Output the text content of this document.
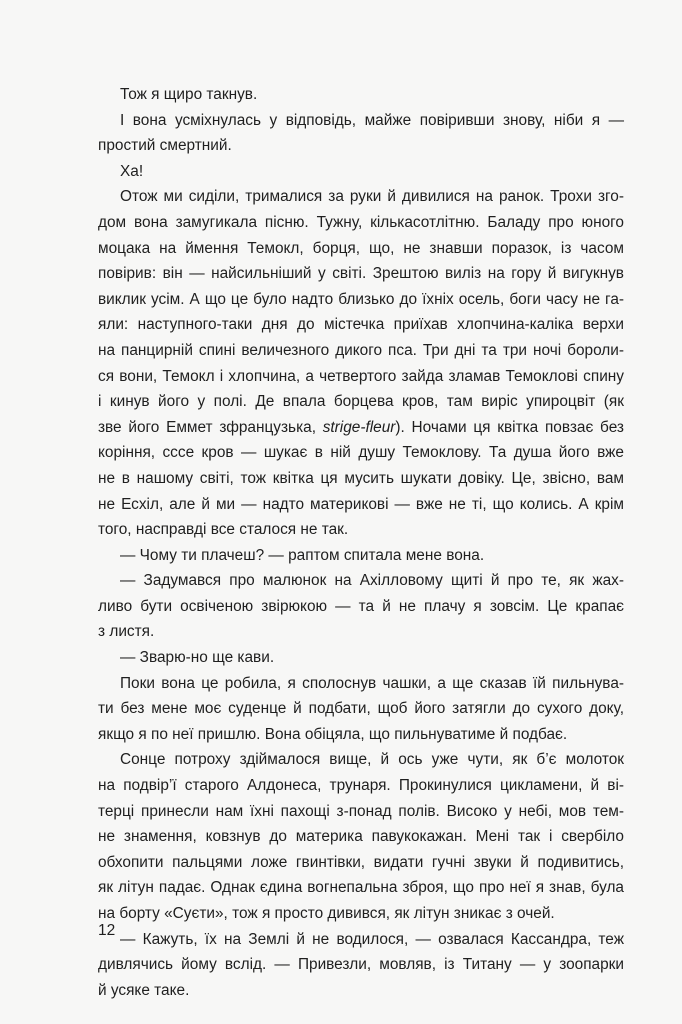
Тож я щиро такнув.
І вона усміхнулась у відповідь, майже повіривши знову, ніби я —
простий смертний.
Ха!
Отож ми сиділи, трималися за руки й дивилися на ранок. Трохи зго-
дом вона замугикала пісню. Тужну, кількасотлітню. Баладу про юного
моцака на ймення Темокл, борця, що, не знавши поразок, із часом
повірив: він — найсильніший у світі. Зрештою виліз на гору й вигукнув
виклик усім. А що це було надто близько до їхніх осель, боги часу не га-
яли: наступного-таки дня до містечка приїхав хлопчина-каліка верхи
на панцирній спині величезного дикого пса. Три дні та три ночі бороли-
ся вони, Темокл і хлопчина, а четвертого зайда зламав Темоклові спину
і кинув його у полі. Де впала борцева кров, там виріс упироцвіт (як
зве його Еммет зфранцузька, strige-fleur). Ночами ця квітка повзає без
коріння, сссе кров — шукає в ній душу Темоклову. Та душа його вже
не в нашому світі, тож квітка ця мусить шукати довіку. Це, звісно, вам
не Есхіл, але й ми — надто материкові — вже не ті, що колись. А крім
того, насправді все сталося не так.
— Чому ти плачеш? — раптом спитала мене вона.
— Задумався про малюнок на Ахілловому щиті й про те, як жах-
ливо бути освіченою звірюкою — та й не плачу я зовсім. Це крапає
з листя.
— Зварю-но ще кави.
Поки вона це робила, я сполоснув чашки, а ще сказав їй пильнува-
ти без мене моє суденце й подбати, щоб його затягли до сухого доку,
якщо я по неї пришлю. Вона обіцяла, що пильнуватиме й подбає.
Сонце потроху здіймалося вище, й ось уже чути, як б’є молоток
на подвір’ї старого Алдонеса, трунаря. Прокинулися цикламени, й ві-
терці принесли нам їхні пахощі з-понад полів. Високо у небі, мов тем-
не знамення, ковзнув до материка павукокажан. Мені так і свербіло
обхопити пальцями ложе гвинтівки, видати гучні звуки й подивитись,
як літун падає. Однак єдина вогнепальна зброя, що про неї я знав, була
на борту «Суєти», тож я просто дивився, як літун зникає з очей.
— Кажуть, їх на Землі й не водилося, — озвалася Кассандра, теж
дивлячись йому вслід. — Привезли, мовляв, із Титану — у зоопарки
й усяке таке.
12
